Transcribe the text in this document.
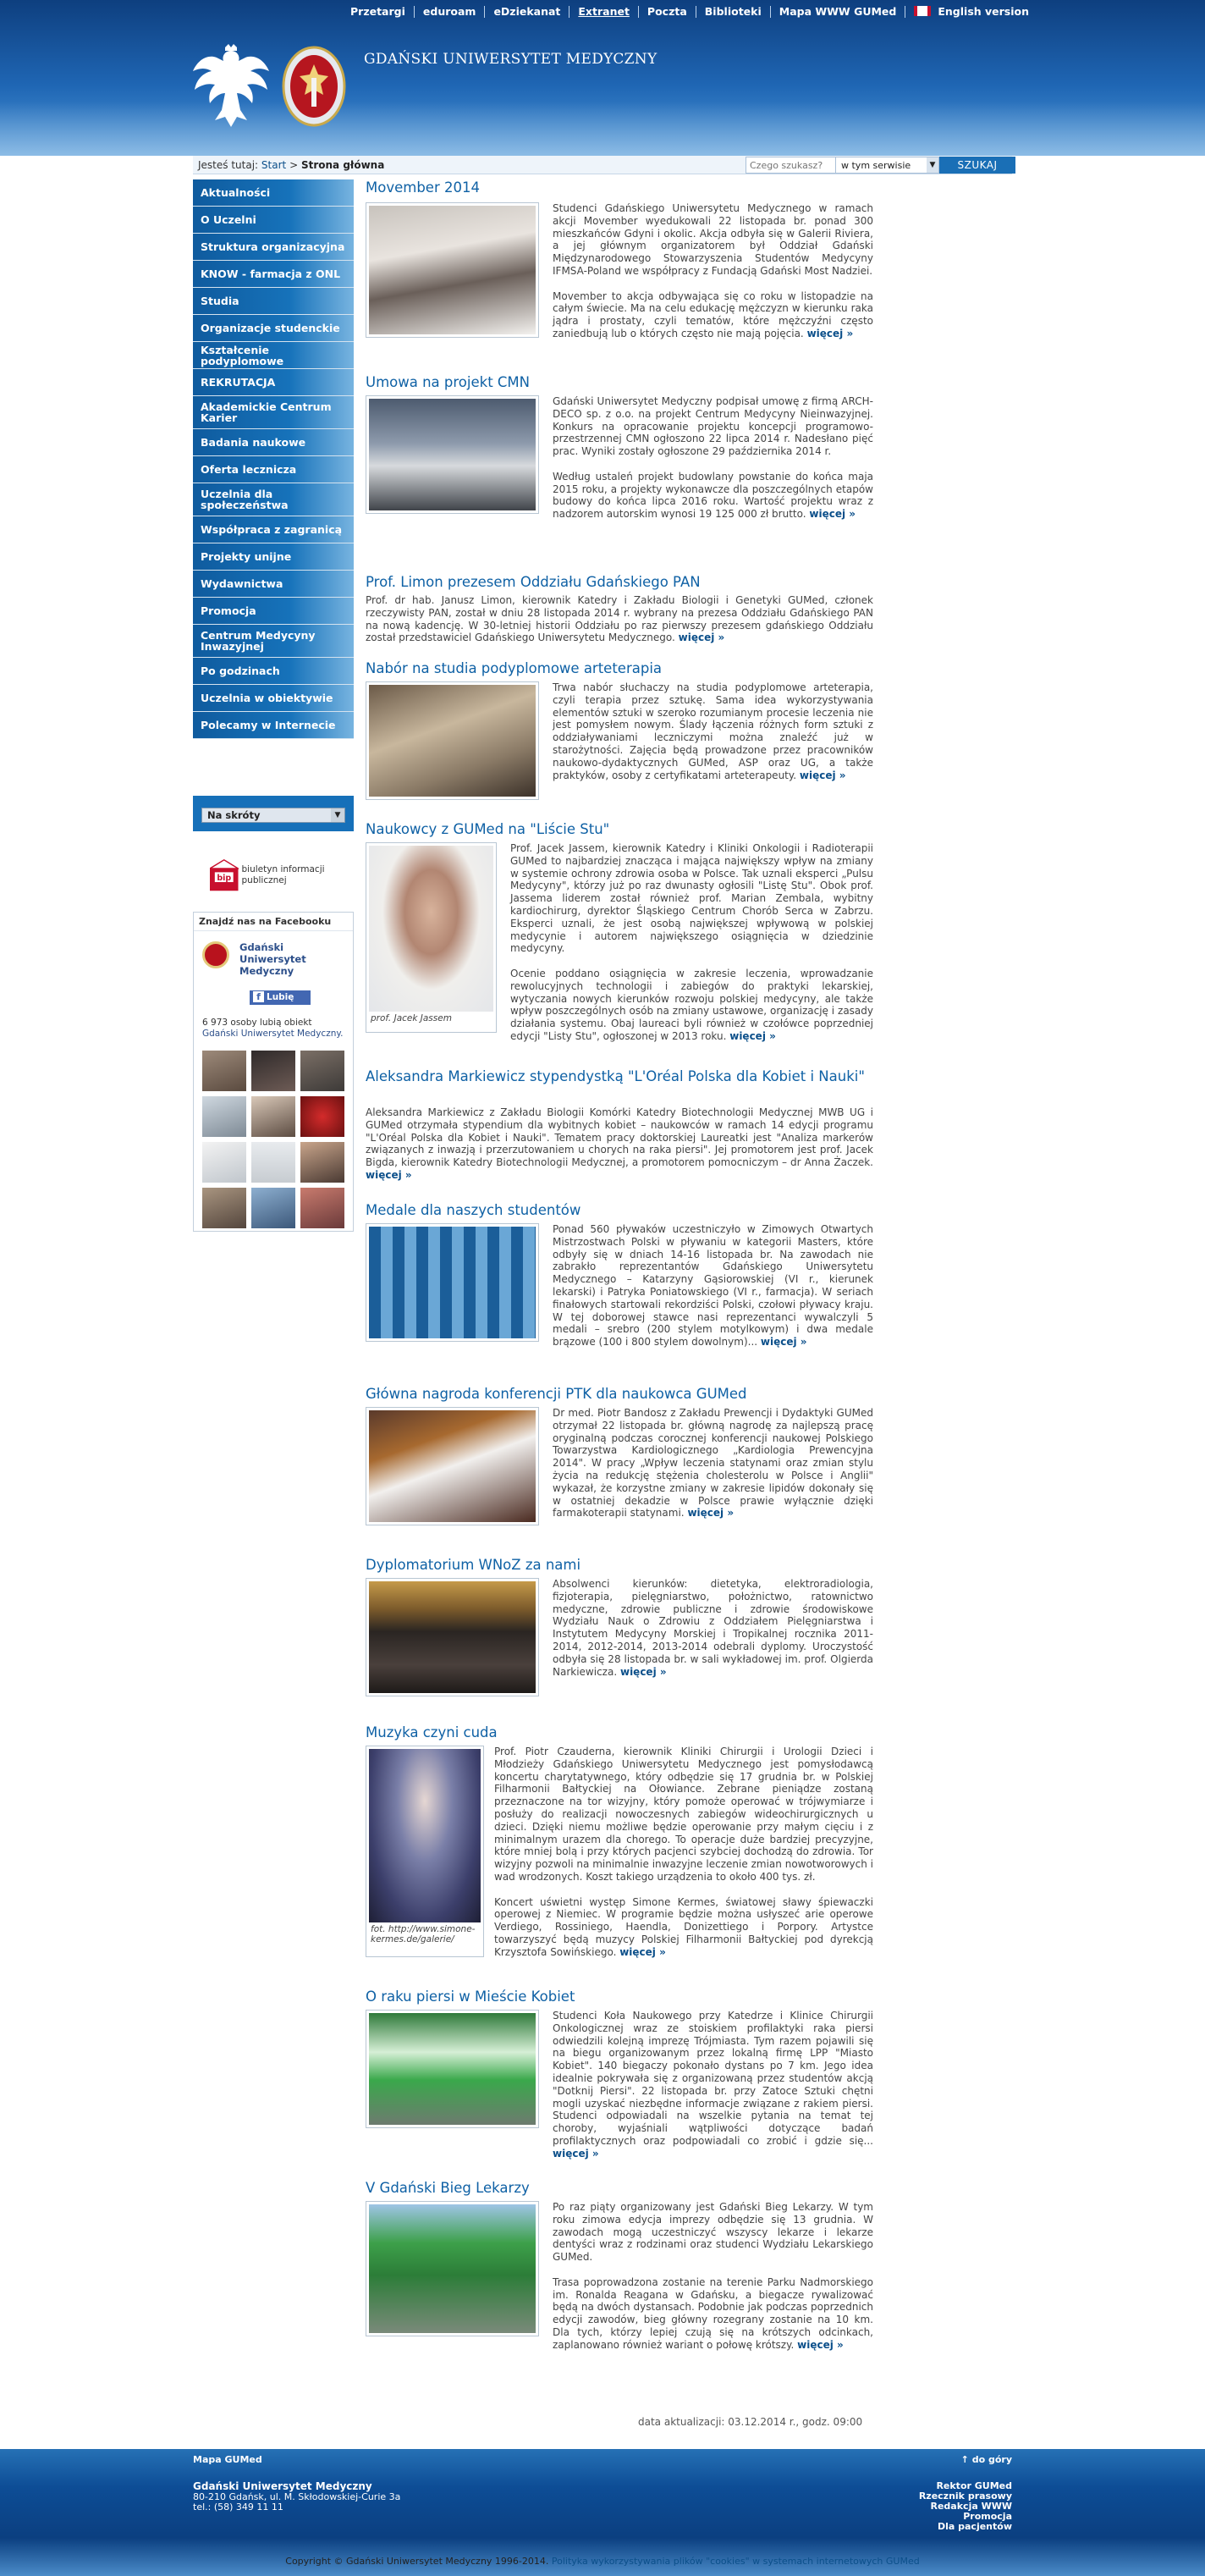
Przetargi	eduroam	eDziekanat	Extranet	Poczta	Biblioteki	Mapa WWW GUMed	English version
GDAŃSKI UNIWERSYTET MEDYCZNY
Jesteś tutaj: Start > Strona główna
Czego szukasz?	w tym serwisie	▼	SZUKAJ
Aktualności
O Uczelni
Struktura organizacyjna
KNOW - farmacja z ONL
Studia
Organizacje studenckie
Kształcenie podyplomowe
REKRUTACJA
Akademickie Centrum Karier
Badania naukowe
Oferta lecznicza
Uczelnia dla społeczeństwa
Współpraca z zagranicą
Projekty unijne
Wydawnictwa
Promocja
Centrum Medycyny Inwazyjnej
Po godzinach
Uczelnia w obiektywie
Polecamy w Internecie
Na skróty	▼
bip
biuletyn informacji publicznej
Znajdź nas na Facebooku
Gdański Uniwersytet Medyczny
f Lubię to!
6 973 osoby lubią obiekt Gdański Uniwersytet Medyczny.
Movember 2014

Studenci Gdańskiego Uniwersytetu Medycznego w ramach akcji Movember wyedukowali 22 listopada br. ponad 300 mieszkańców Gdyni i okolic. Akcja odbyła się w Galerii Riviera, a jej głównym organizatorem był Oddział Gdański Międzynarodowego Stowarzyszenia Studentów Medycyny IFMSA-Poland we współpracy z Fundacją Gdański Most Nadziei.

Movember to akcja odbywająca się co roku w listopadzie na całym świecie. Ma na celu edukację mężczyzn w kierunku raka jądra i prostaty, czyli tematów, które mężczyźni często zaniedbują lub o których często nie mają pojęcia. więcej »

Umowa na projekt CMN

Gdański Uniwersytet Medyczny podpisał umowę z firmą ARCH-DECO sp. z o.o. na projekt Centrum Medycyny Nieinwazyjnej. Konkurs na opracowanie projektu koncepcji programowo-przestrzennej CMN ogłoszono 22 lipca 2014 r. Nadesłano pięć prac. Wyniki zostały ogłoszone 29 października 2014 r.

Według ustaleń projekt budowlany powstanie do końca maja 2015 roku, a projekty wykonawcze dla poszczególnych etapów budowy do końca lipca 2016 roku. Wartość projektu wraz z nadzorem autorskim wynosi 19 125 000 zł brutto. więcej »

Prof. Limon prezesem Oddziału Gdańskiego PAN

Prof. dr hab. Janusz Limon, kierownik Katedry i Zakładu Biologii i Genetyki GUMed, członek rzeczywisty PAN, został w dniu 28 listopada 2014 r. wybrany na prezesa Oddziału Gdańskiego PAN na nową kadencję. W 30-letniej historii Oddziału po raz pierwszy prezesem gdańskiego Oddziału został przedstawiciel Gdańskiego Uniwersytetu Medycznego. więcej »

Nabór na studia podyplomowe arteterapia

Trwa nabór słuchaczy na studia podyplomowe arteterapia, czyli terapia przez sztukę. Sama idea wykorzystywania elementów sztuki w szeroko rozumianym procesie leczenia nie jest pomysłem nowym. Ślady łączenia różnych form sztuki z oddziaływaniami leczniczymi można znaleźć już w starożytności. Zajęcia będą prowadzone przez pracowników naukowo-dydaktycznych GUMed, ASP oraz UG, a także praktyków, osoby z certyfikatami arteterapeuty. więcej »

Naukowcy z GUMed na "Liście Stu"
prof. Jacek Jassem

Prof. Jacek Jassem, kierownik Katedry i Kliniki Onkologii i Radioterapii GUMed to najbardziej znacząca i mająca największy wpływ na zmiany w systemie ochrony zdrowia osoba w Polsce. Tak uznali eksperci „Pulsu Medycyny", którzy już po raz dwunasty ogłosili "Listę Stu". Obok prof. Jassema liderem został również prof. Marian Zembala, wybitny kardiochirurg, dyrektor Śląskiego Centrum Chorób Serca w Zabrzu. Eksperci uznali, że jest osobą największej wpływową w polskiej medycynie i autorem największego osiągnięcia w dziedzinie medycyny.

Ocenie poddano osiągnięcia w zakresie leczenia, wprowadzanie rewolucyjnych technologii i zabiegów do praktyki lekarskiej, wytyczania nowych kierunków rozwoju polskiej medycyny, ale także wpływ poszczególnych osób na zmiany ustawowe, organizację i zasady działania systemu. Obaj laureaci byli również w czołówce poprzedniej edycji "Listy Stu", ogłoszonej w 2013 roku. więcej »

Aleksandra Markiewicz stypendystką "L'Oréal Polska dla Kobiet i Nauki"

Aleksandra Markiewicz z Zakładu Biologii Komórki Katedry Biotechnologii Medycznej MWB UG i GUMed otrzymała stypendium dla wybitnych kobiet – naukowców w ramach 14 edycji programu "L'Oréal Polska dla Kobiet i Nauki". Tematem pracy doktorskiej Laureatki jest "Analiza markerów związanych z inwazją i przerzutowaniem u chorych na raka piersi". Jej promotorem jest prof. Jacek Bigda, kierownik Katedry Biotechnologii Medycznej, a promotorem pomocniczym – dr Anna Żaczek. więcej »

Medale dla naszych studentów

Ponad 560 pływaków uczestniczyło w Zimowych Otwartych Mistrzostwach Polski w pływaniu w kategorii Masters, które odbyły się w dniach 14-16 listopada br. Na zawodach nie zabrakło reprezentantów Gdańskiego Uniwersytetu Medycznego – Katarzyny Gąsiorowskiej (VI r., kierunek lekarski) i Patryka Poniatowskiego (VI r., farmacja). W seriach finałowych startowali rekordziści Polski, czołowi pływacy kraju. W tej doborowej stawce nasi reprezentanci wywalczyli 5 medali – srebro (200 stylem motylkowym) i dwa medale brązowe (100 i 800 stylem dowolnym)... więcej »

Główna nagroda konferencji PTK dla naukowca GUMed

Dr med. Piotr Bandosz z Zakładu Prewencji i Dydaktyki GUMed otrzymał 22 listopada br. główną nagrodę za najlepszą pracę oryginalną podczas corocznej konferencji naukowej Polskiego Towarzystwa Kardiologicznego „Kardiologia Prewencyjna 2014". W pracy „Wpływ leczenia statynami oraz zmian stylu życia na redukcję stężenia cholesterolu w Polsce i Anglii" wykazał, że korzystne zmiany w zakresie lipidów dokonały się w ostatniej dekadzie w Polsce prawie wyłącznie dzięki farmakoterapii statynami. więcej »

Dyplomatorium WNoZ za nami

Absolwenci kierunków: dietetyka, elektroradiologia, fizjoterapia, pielęgniarstwo, położnictwo, ratownictwo medyczne, zdrowie publiczne i zdrowie środowiskowe Wydziału Nauk o Zdrowiu z Oddziałem Pielęgniarstwa i Instytutem Medycyny Morskiej i Tropikalnej rocznika 2011-2014, 2012-2014, 2013-2014 odebrali dyplomy. Uroczystość odbyła się 28 listopada br. w sali wykładowej im. prof. Olgierda Narkiewicza. więcej »

Muzyka czyni cuda
fot. http://www.simone-kermes.de/galerie/

Prof. Piotr Czauderna, kierownik Kliniki Chirurgii i Urologii Dzieci i Młodzieży Gdańskiego Uniwersytetu Medycznego jest pomysłodawcą koncertu charytatywnego, który odbędzie się 17 grudnia br. w Polskiej Filharmonii Bałtyckiej na Ołowiance. Zebrane pieniądze zostaną przeznaczone na tor wizyjny, który pomoże operować w trójwymiarze i posłuży do realizacji nowoczesnych zabiegów wideochirurgicznych u dzieci. Dzięki niemu możliwe będzie operowanie przy małym cięciu i z minimalnym urazem dla chorego. To operacje duże bardziej precyzyjne, które mniej bolą i przy których pacjenci szybciej dochodzą do zdrowia. Tor wizyjny pozwoli na minimalnie inwazyjne leczenie zmian nowotworowych i wad wrodzonych. Koszt takiego urządzenia to około 400 tys. zł.

Koncert uświetni występ Simone Kermes, światowej sławy śpiewaczki operowej z Niemiec. W programie będzie można usłyszeć arie operowe Verdiego, Rossiniego, Haendla, Donizettiego i Porpory. Artystce towarzyszyć będą muzycy Polskiej Filharmonii Bałtyckiej pod dyrekcją Krzysztofa Sowińskiego. więcej »

O raku piersi w Mieście Kobiet

Studenci Koła Naukowego przy Katedrze i Klinice Chirurgii Onkologicznej wraz ze stoiskiem profilaktyki raka piersi odwiedzili kolejną imprezę Trójmiasta. Tym razem pojawili się na biegu organizowanym przez lokalną firmę LPP "Miasto Kobiet". 140 biegaczy pokonało dystans po 7 km. Jego idea idealnie pokrywała się z organizowaną przez studentów akcją "Dotknij Piersi". 22 listopada br. przy Zatoce Sztuki chętni mogli uzyskać niezbędne informacje związane z rakiem piersi. Studenci odpowiadali na wszelkie pytania na temat tej choroby, wyjaśniali wątpliwości dotyczące badań profilaktycznych oraz podpowiadali co zrobić i gdzie się... więcej »

V Gdański Bieg Lekarzy

Po raz piąty organizowany jest Gdański Bieg Lekarzy. W tym roku zimowa edycja imprezy odbędzie się 13 grudnia. W zawodach mogą uczestniczyć wszyscy lekarze i lekarze dentyści wraz z rodzinami oraz studenci Wydziału Lekarskiego GUMed.

Trasa poprowadzona zostanie na terenie Parku Nadmorskiego im. Ronalda Reagana w Gdańsku, a biegacze rywalizować będą na dwóch dystansach. Podobnie jak podczas poprzednich edycji zawodów, bieg główny rozegrany zostanie na 10 km. Dla tych, którzy lepiej czują się na krótszych odcinkach, zaplanowano również wariant o połowę krótszy. więcej »

data aktualizacji: 03.12.2014 r., godz. 09:00
Mapa GUMed	↑ do góry
Gdański Uniwersytet Medyczny
80-210 Gdańsk, ul. M. Skłodowskiej-Curie 3a
tel.: (58) 349 11 11
Rektor GUMed
Rzecznik prasowy
Redakcja WWW
Promocja
Dla pacjentów
Copyright © Gdański Uniwersytet Medyczny 1996-2014. Polityka wykorzystywania plików "cookies" w systemach internetowych GUMed
